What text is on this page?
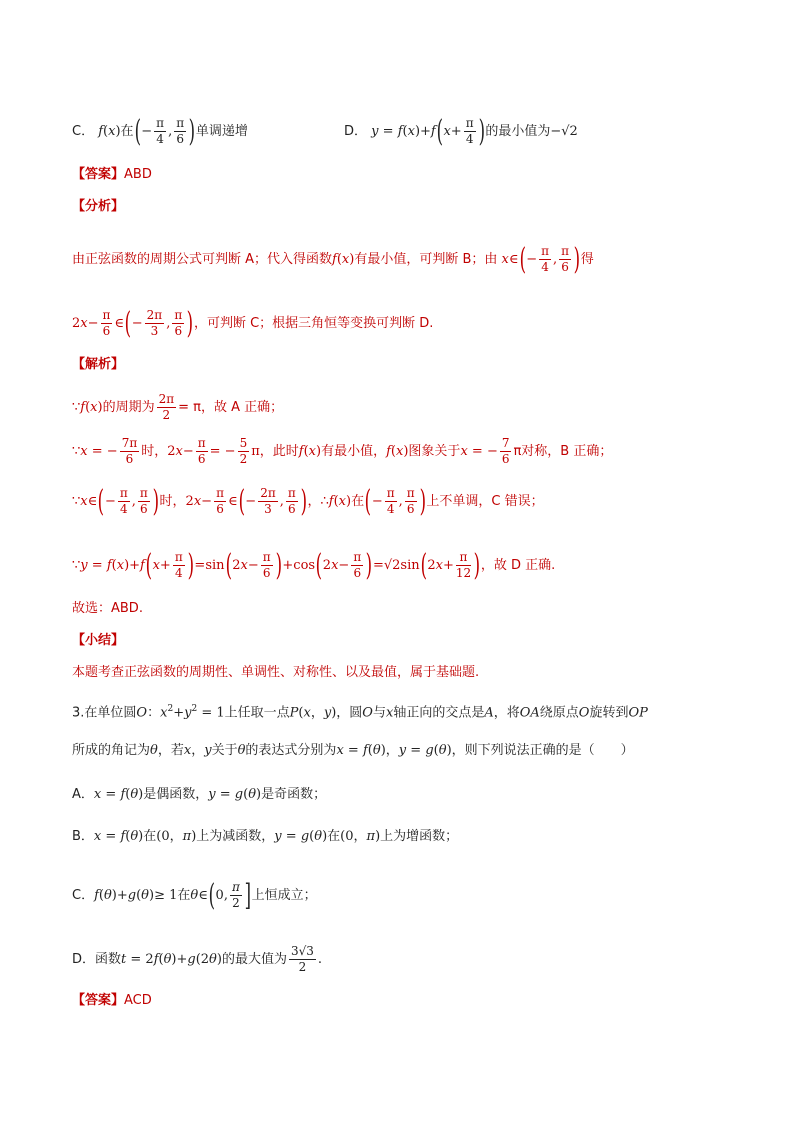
C． f(x)在(− $\frac{\pi}{4}$ , $\frac{\pi}{6}$ )单调递增	D． $y = f(x)+f(x+ \frac{\pi}{4}$ )的最小值为−√2
【答案】ABD
【分析】
由正弦函数的周期公式可判断 A；代入得函数f(x)有最小值，可判断 B；由 x∈(− $\frac{\pi}{4}$ , $\frac{\pi}{6}$ )得
$2x- \frac{\pi}{6}$ ∈(− $\frac{2\pi}{3}$ , $\frac{\pi}{6}$ )，可判断 C；根据三角恒等变换可判断 D.
【解析】
∵f(x)的周期为 $\frac{2\pi}{2} = \pi$，故 A 正确；
∵x = − $\frac{7\pi}{6}$ 时，$2x- \frac{\pi}{6}$ = − $\frac{5}{2}$ π，此时f(x)有最小值，f(x)图象关于x = − $\frac{7}{6}$ π对称，B 正确；
∵x∈(− $\frac{\pi}{4}$ , $\frac{\pi}{6}$ )时，$2x- \frac{\pi}{6}$ ∈(− $\frac{2\pi}{3}$ , $\frac{\pi}{6}$ )，∴f(x)在(− $\frac{\pi}{4}$ , $\frac{\pi}{6}$ )上不单调，C 错误；
∵y = $f(x)+f(x+ \frac{\pi}{4} )=\sin(2x- \frac{\pi}{6} )+\cos(2x- \frac{\pi}{6} )=√2\sin(2x+ \frac{\pi}{12}$ )，故 D 正确.
故选：ABD.
【小结】
本题考查正弦函数的周期性、单调性、对称性、以及最值，属于基础题.
3.在单位圆O：$x^2+y^2 = 1$上任取一点P(x，y)，圆O与x轴正向的交点是A，将OA绕原点O旋转到OP
所成的角记为θ，若x，y关于θ的表达式分别为x = f(θ)，y = g(θ)，则下列说法正确的是（　　）
A．x = f(θ)是偶函数，y = g(θ)是奇函数；
B．x = f(θ)在(0，π)上为减函数，y = g(θ)在(0，π)上为增函数；
C．f(θ)+g(θ)≥ 1在θ∈(0, $\frac{\pi}{2}$ ]上恒成立；
D．函数t = 2f(θ)+g(2θ)的最大值为 $\frac{3√3}{2}$ .
【答案】ACD
